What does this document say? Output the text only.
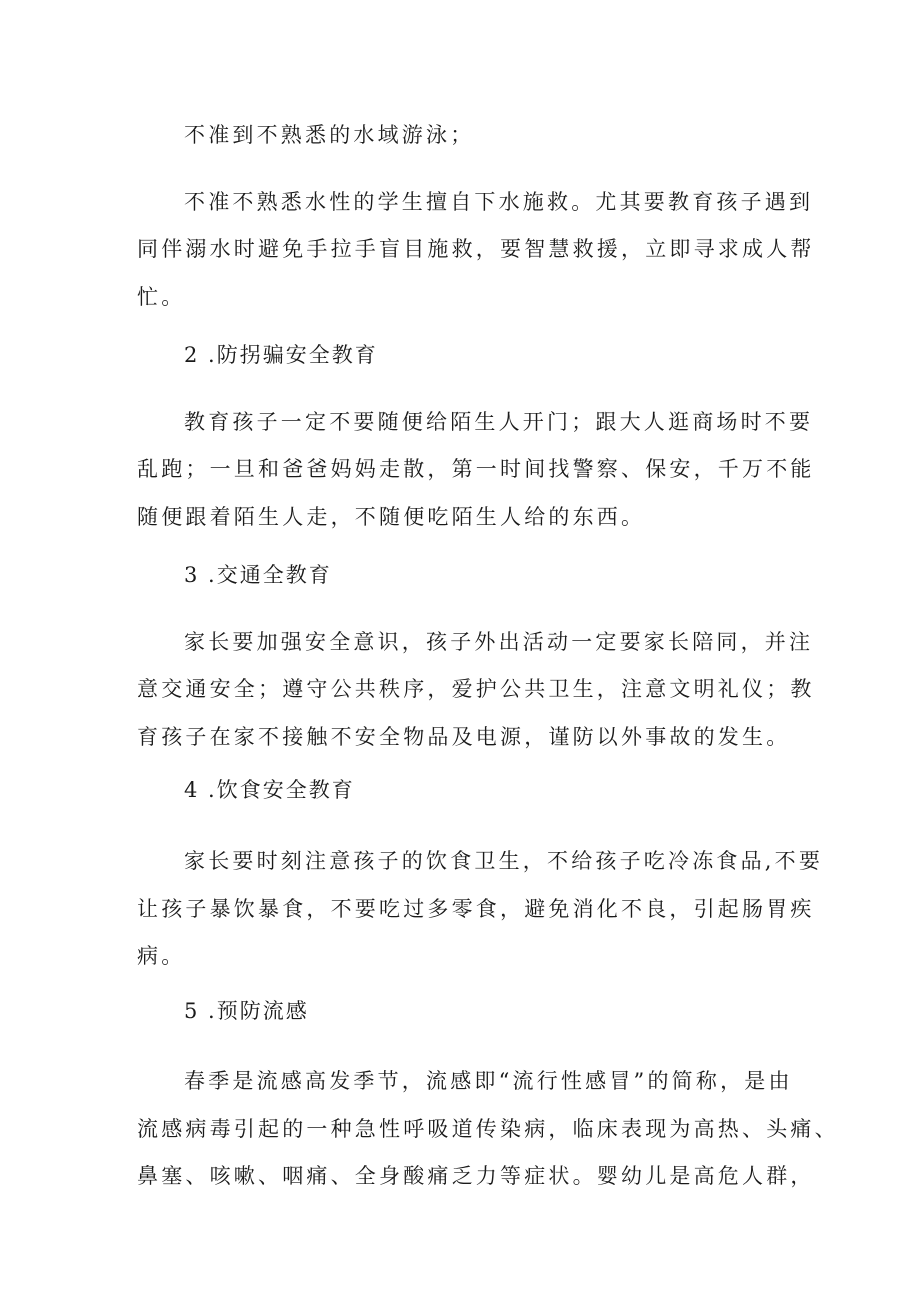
不准到不熟悉的水域游泳；
不准不熟悉水性的学生擅自下水施救。尤其要教育孩子遇到
同伴溺水时避免手拉手盲目施救，要智慧救援，立即寻求成人帮
忙。
2 .防拐骗安全教育
教育孩子一定不要随便给陌生人开门；跟大人逛商场时不要
乱跑；一旦和爸爸妈妈走散，第一时间找警察、保安，千万不能
随便跟着陌生人走，不随便吃陌生人给的东西。
3 .交通全教育
家长要加强安全意识，孩子外出活动一定要家长陪同，并注
意交通安全；遵守公共秩序，爱护公共卫生，注意文明礼仪；教
育孩子在家不接触不安全物品及电源，谨防以外事故的发生。
4 .饮食安全教育
家长要时刻注意孩子的饮食卫生，不给孩子吃冷冻食品,不要
让孩子暴饮暴食，不要吃过多零食，避免消化不良，引起肠胃疾
病。
5 .预防流感
春季是流感高发季节，流感即“流行性感冒”的简称，是由
流感病毒引起的一种急性呼吸道传染病，临床表现为高热、头痛、
鼻塞、咳嗽、咽痛、全身酸痛乏力等症状。婴幼儿是高危人群，
